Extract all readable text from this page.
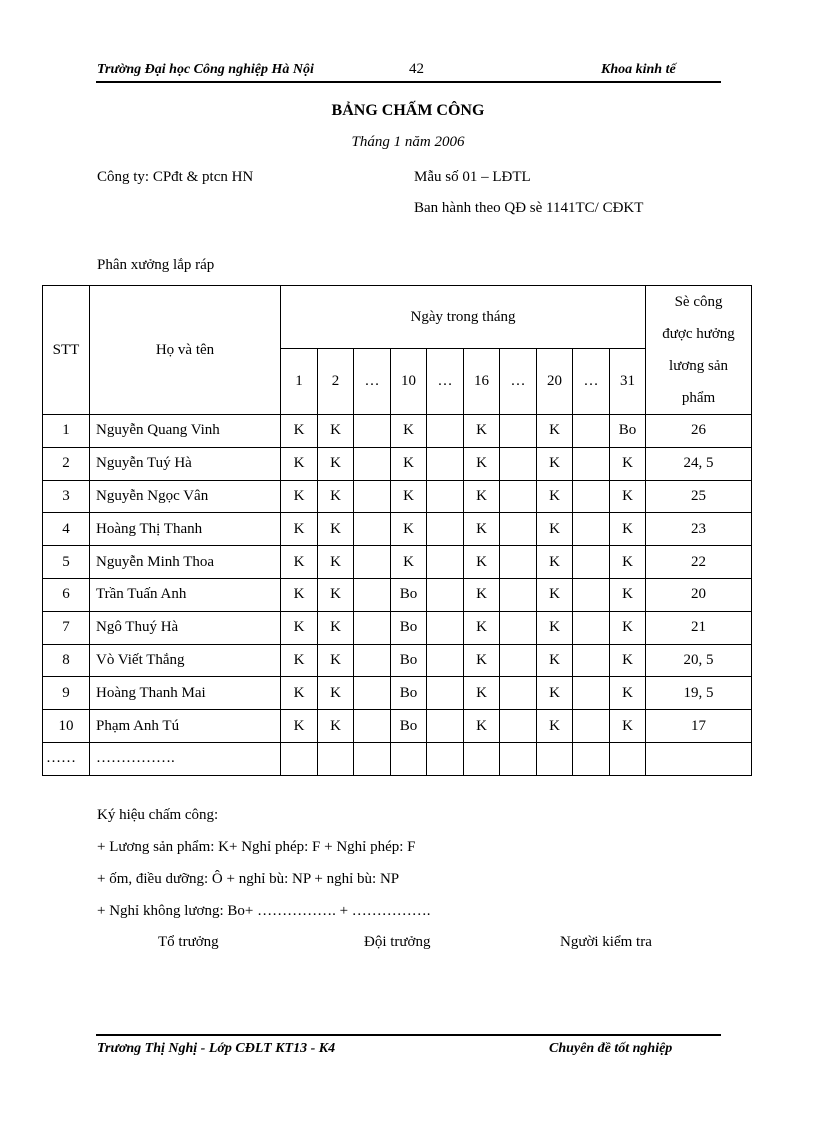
Trường Đại học Công nghiệp Hà Nội	42	Khoa kinh tế
BẢNG CHẤM CÔNG
Tháng 1 năm 2006
Công ty: CPđt & ptcn HN	Mẫu số 01 – LĐTL
Ban hành theo QĐ sè 1141TC/ CĐKT
Phân xưởng lắp ráp
STT	Họ và tên	Ngày trong tháng										Sè công
được hưởng
lương sản
phẩm

		1	2	…	10	…	16	…	20	…	31	
1	Nguyễn Quang Vinh	K	K		K		K		K		Bo	26
2	Nguyễn Tuý Hà	K	K		K		K		K		K	24, 5
3	Nguyễn Ngọc Vân	K	K		K		K		K		K	25
4	Hoàng Thị Thanh	K	K		K		K		K		K	23
5	Nguyễn Minh Thoa	K	K		K		K		K		K	22
6	Trần Tuấn Anh	K	K		Bo		K		K		K	20
7	Ngô Thuý Hà	K	K		Bo		K		K		K	21
8	Vò Viết Thắng	K	K		Bo		K		K		K	20, 5
9	Hoàng Thanh Mai	K	K		Bo		K		K		K	19, 5
10	Phạm Anh Tú	K	K		Bo		K		K		K	17
……	…………….											
Ký hiệu chấm công:
+ Lương sản phẩm: K+ Nghỉ phép: F + Nghỉ phép: F
+ ốm, điều dưỡng: Ô + nghỉ bù: NP + nghỉ bù: NP
+ Nghỉ không lương: Bo+ ……………. + …………….
Tổ trưởng	Đội trưởng	Người kiểm tra
Trương Thị Nghị - Lớp CĐLT KT13 - K4	Chuyên đề tốt nghiệp
